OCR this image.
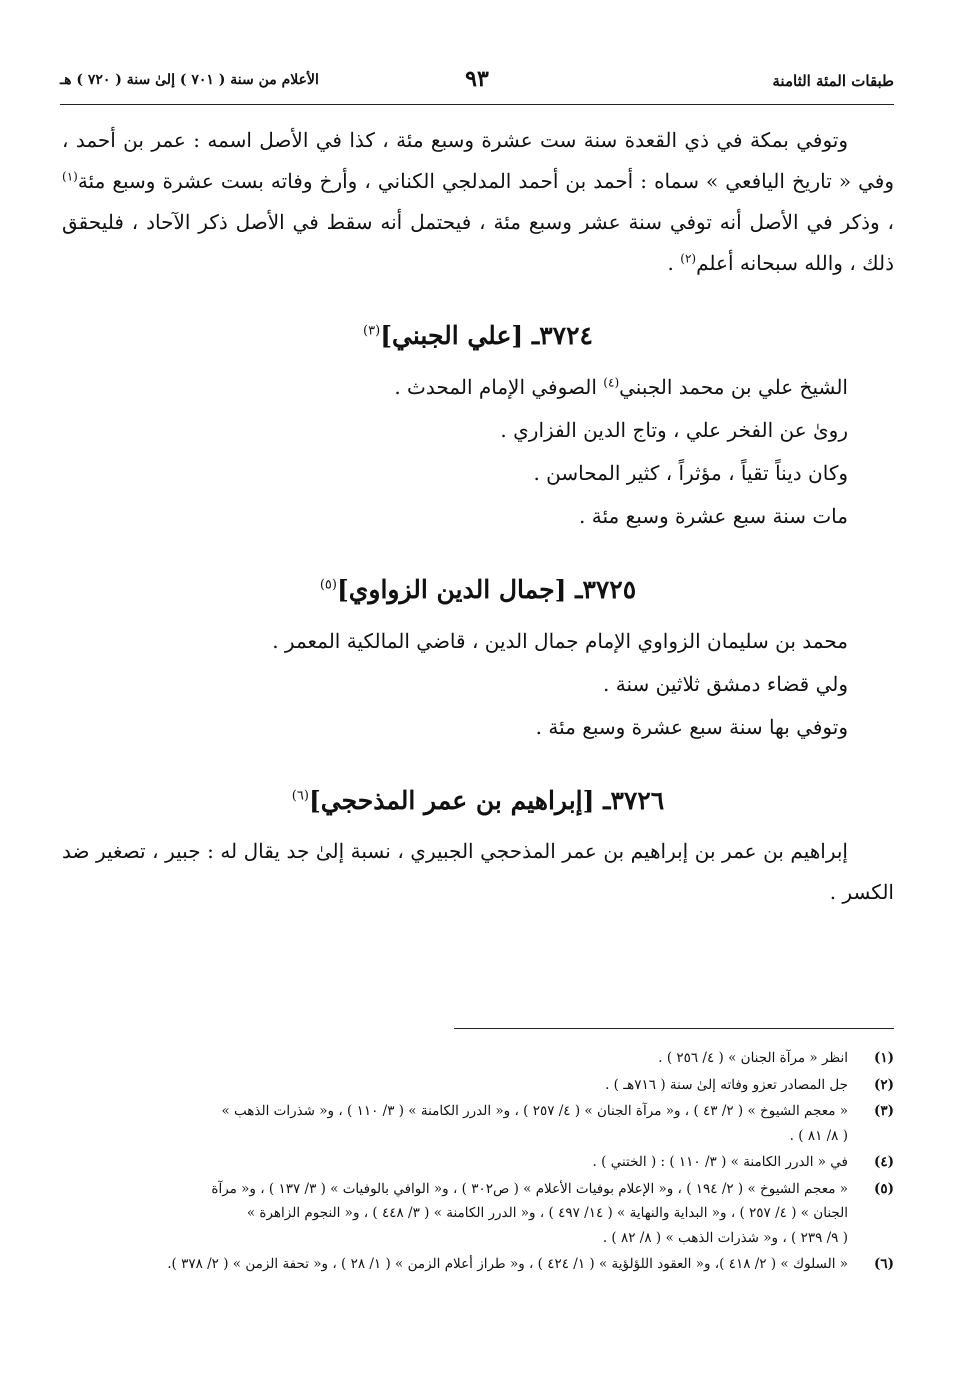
طبقات المئة الثامنة
٩٣
الأعلام من سنة ( ٧٠١ ) إلىٰ سنة ( ٧٢٠ ) هـ

وتوفي بمكة في ذي القعدة سنة ست عشرة وسبع مئة ، كذا في الأصل اسمه : عمر بن أحمد ، وفي « تاريخ اليافعي » سماه : أحمد بن أحمد المدلجي الكناني ، وأرخ وفاته بست عشرة وسبع مئة$^{(١)}$ ، وذكر في الأصل أنه توفي سنة عشر وسبع مئة ، فيحتمل أنه سقط في الأصل ذكر الآحاد ، فليحقق ذلك ، والله سبحانه أعلم$^{(٢)}$ .

٣٧٢٤ـ [علي الجبني]$^{(٣)}$
الشيخ علي بن محمد الجبني$^{(٤)}$ الصوفي الإمام المحدث .
رویٰ عن الفخر علي ، وتاج الدين الفزاري .
وكان ديناً تقياً ، مؤثراً ، كثير المحاسن .
مات سنة سبع عشرة وسبع مئة .
٣٧٢٥ـ [جمال الدين الزواوي]$^{(٥)}$
محمد بن سليمان الزواوي الإمام جمال الدين ، قاضي المالكية المعمر .
ولي قضاء دمشق ثلاثين سنة .
وتوفي بها سنة سبع عشرة وسبع مئة .
٣٧٢٦ـ [إبراهيم بن عمر المذحجي]$^{(٦)}$

إبراهيم بن عمر بن إبراهيم بن عمر المذحجي الجبيري ، نسبة إلىٰ جد يقال له : جبير ، تصغير ضد الكسر .

(١)
انظر « مرآة الجنان » ( ٤/ ٢٥٦ ) .
(٢)
جل المصادر تعزو وفاته إلىٰ سنة ( ٧١٦هـ ) .
(٣)
« معجم الشيوخ » ( ٢/ ٤٣ ) ، و« مرآة الجنان » ( ٤/ ٢٥٧ ) ، و« الدرر الكامنة » ( ٣/ ١١٠ ) ، و« شذرات الذهب »
( ٨/ ٨١ ) .
(٤)
في « الدرر الكامنة » ( ٣/ ١١٠ ) : ( الختني ) .
(٥)
« معجم الشيوخ » ( ٢/ ١٩٤ ) ، و« الإعلام بوفيات الأعلام » ( ص٣٠٢ ) ، و« الوافي بالوفيات » ( ٣/ ١٣٧ ) ، و« مرآة
الجنان » ( ٤/ ٢٥٧ ) ، و« البداية والنهاية » ( ١٤/ ٤٩٧ ) ، و« الدرر الكامنة » ( ٣/ ٤٤٨ ) ، و« النجوم الزاهرة »
( ٩/ ٢٣٩ ) ، و« شذرات الذهب » ( ٨/ ٨٢ ) .
(٦)
« السلوك » ( ٢/ ٤١٨ )، و« العقود اللؤلؤية » ( ١/ ٤٢٤ ) ، و« طراز أعلام الزمن » ( ١/ ٢٨ ) ، و« تحفة الزمن » ( ٢/ ٣٧٨ ).
